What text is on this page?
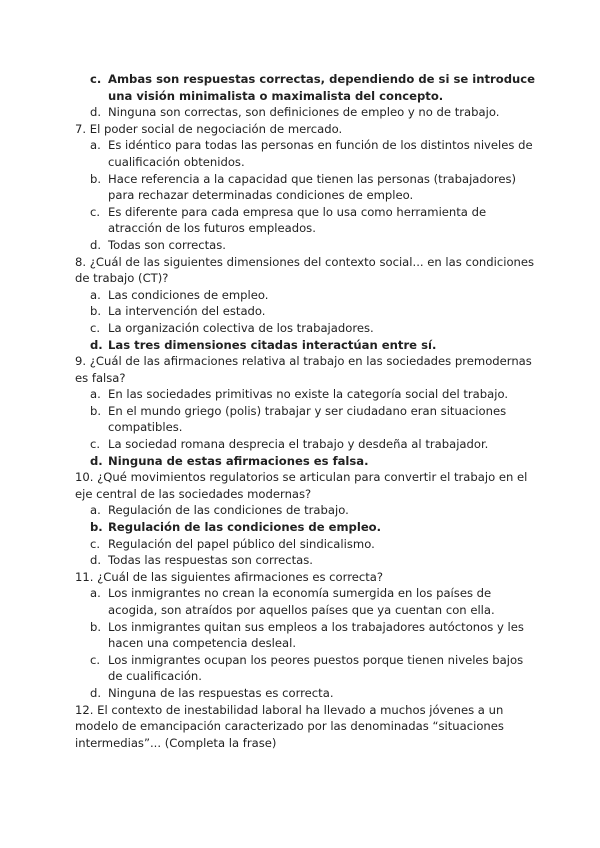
c. Ambas son respuestas correctas, dependiendo de si se introduce una visión minimalista o maximalista del concepto.
d. Ninguna son correctas, son definiciones de empleo y no de trabajo.

7. El poder social de negociación de mercado.

a. Es idéntico para todas las personas en función de los distintos niveles de cualificación obtenidos.
b. Hace referencia a la capacidad que tienen las personas (trabajadores) para rechazar determinadas condiciones de empleo.
c. Es diferente para cada empresa que lo usa como herramienta de atracción de los futuros empleados.
d. Todas son correctas.

8. ¿Cuál de las siguientes dimensiones del contexto social... en las condiciones de trabajo (CT)?

a. Las condiciones de empleo.
b. La intervención del estado.
c. La organización colectiva de los trabajadores.
d. Las tres dimensiones citadas interactúan entre sí.

9. ¿Cuál de las afirmaciones relativa al trabajo en las sociedades premodernas es falsa?

a. En las sociedades primitivas no existe la categoría social del trabajo.
b. En el mundo griego (polis) trabajar y ser ciudadano eran situaciones compatibles.
c. La sociedad romana desprecia el trabajo y desdeña al trabajador.
d. Ninguna de estas afirmaciones es falsa.

10. ¿Qué movimientos regulatorios se articulan para convertir el trabajo en el eje central de las sociedades modernas?

a. Regulación de las condiciones de trabajo.
b. Regulación de las condiciones de empleo.
c. Regulación del papel público del sindicalismo.
d. Todas las respuestas son correctas.

11. ¿Cuál de las siguientes afirmaciones es correcta?

a. Los inmigrantes no crean la economía sumergida en los países de acogida, son atraídos por aquellos países que ya cuentan con ella.
b. Los inmigrantes quitan sus empleos a los trabajadores autóctonos y les hacen una competencia desleal.
c. Los inmigrantes ocupan los peores puestos porque tienen niveles bajos de cualificación.
d. Ninguna de las respuestas es correcta.

12. El contexto de inestabilidad laboral ha llevado a muchos jóvenes a un modelo de emancipación caracterizado por las denominadas “situaciones intermedias”... (Completa la frase)
